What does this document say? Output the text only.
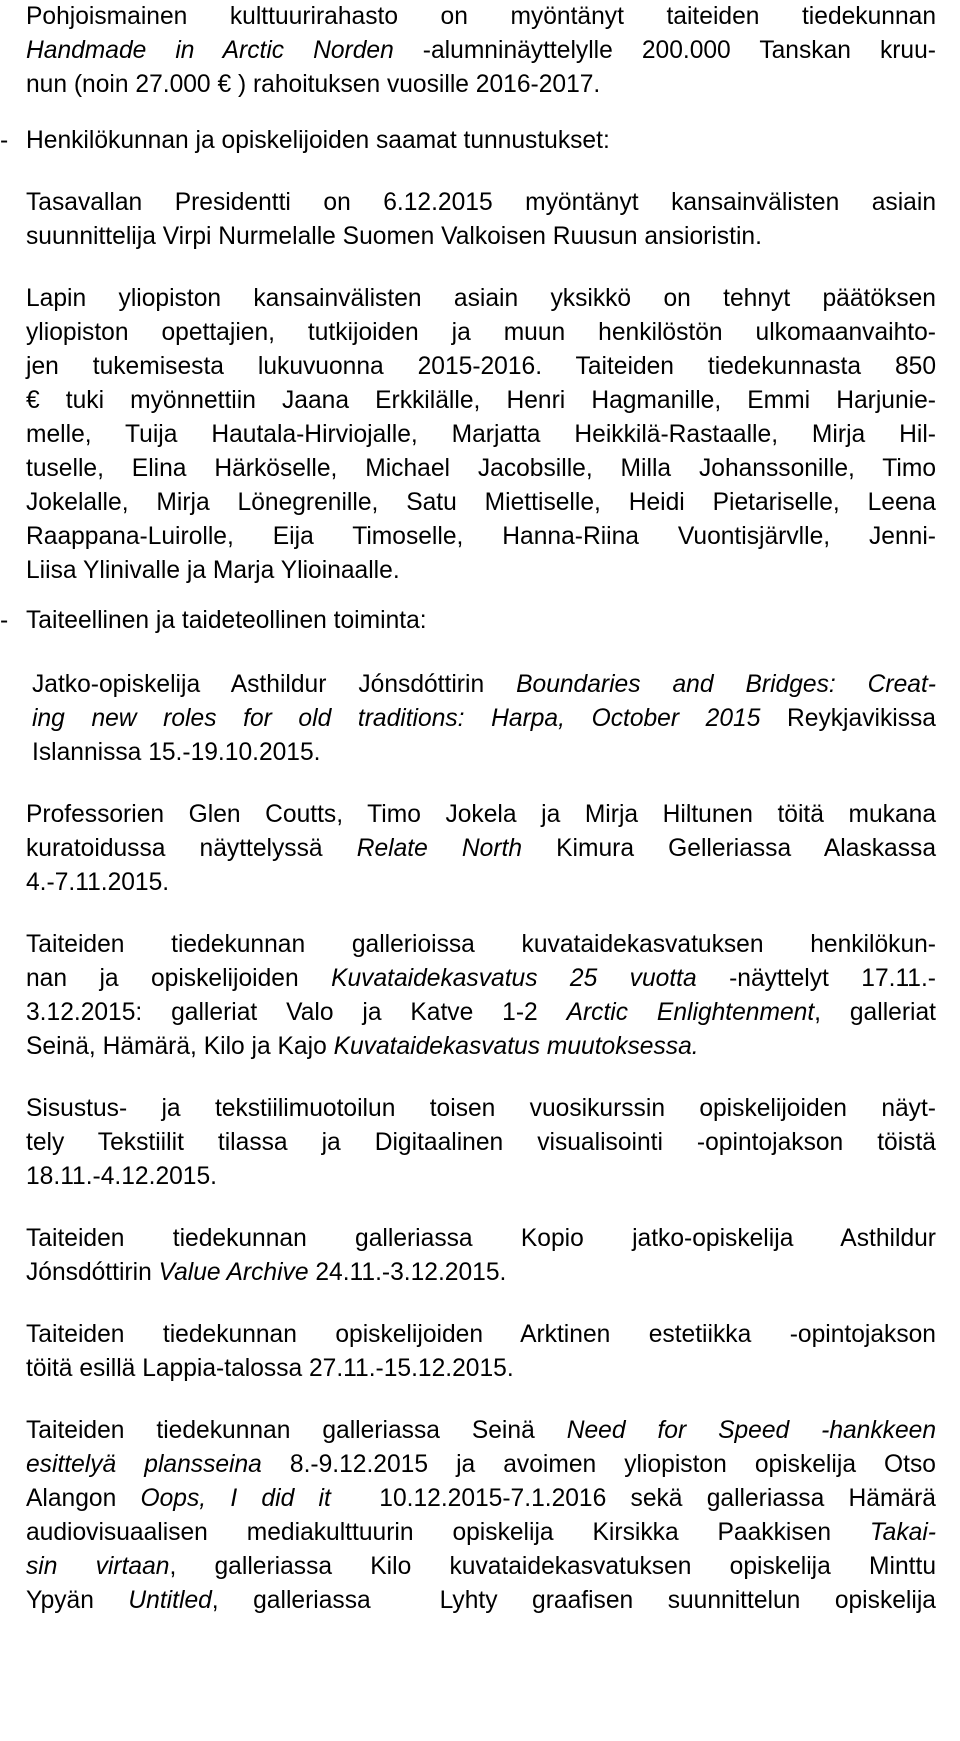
Pohjoismainen kulttuurirahasto on myöntänyt taiteiden tiedekunnan
Handmade in Arctic Norden -alumninäyttelylle 200.000 Tanskan kruu-
nun (noin 27.000 € ) rahoituksen vuosille 2016-2017.
- Henkilökunnan ja opiskelijoiden saamat tunnustukset:
Tasavallan Presidentti on 6.12.2015 myöntänyt kansainvälisten asiain
suunnittelija Virpi Nurmelalle Suomen Valkoisen Ruusun ansioristin.
Lapin yliopiston kansainvälisten asiain yksikkö on tehnyt päätöksen
yliopiston opettajien, tutkijoiden ja muun henkilöstön ulkomaanvaihto-
jen tukemisesta lukuvuonna 2015-2016. Taiteiden tiedekunnasta 850
€ tuki myönnettiin Jaana Erkkilälle, Henri Hagmanille, Emmi Harjunie-
melle, Tuija Hautala-Hirviojalle, Marjatta Heikkilä-Rastaalle, Mirja Hil-
tuselle, Elina Härköselle, Michael Jacobsille, Milla Johanssonille, Timo
Jokelalle, Mirja Lönegrenille, Satu Miettiselle, Heidi Pietariselle, Leena
Raappana-Luirolle, Eija Timoselle, Hanna-Riina Vuontisjärvlle, Jenni-
Liisa Ylinivalle ja Marja Ylioinaalle.
- Taiteellinen ja taideteollinen toiminta:
Jatko-opiskelija Asthildur Jónsdóttirin Boundaries and Bridges: Creat-
ing new roles for old traditions: Harpa, October 2015 Reykjavikissa
Islannissa 15.-19.10.2015.
Professorien Glen Coutts, Timo Jokela ja Mirja Hiltunen töitä mukana
kuratoidussa näyttelyssä Relate North Kimura Gelleriassa Alaskassa
4.-7.11.2015.
Taiteiden tiedekunnan gallerioissa kuvataidekasvatuksen henkilökun-
nan ja opiskelijoiden Kuvataidekasvatus 25 vuotta -näyttelyt 17.11.-
3.12.2015: galleriat Valo ja Katve 1-2 Arctic Enlightenment, galleriat
Seinä, Hämärä, Kilo ja Kajo Kuvataidekasvatus muutoksessa.
Sisustus- ja tekstiilimuotoilun toisen vuosikurssin opiskelijoiden näyt-
tely Tekstiilit tilassa ja Digitaalinen visualisointi -opintojakson töistä
18.11.-4.12.2015.
Taiteiden tiedekunnan galleriassa Kopio jatko-opiskelija Asthildur
Jónsdóttirin Value Archive 24.11.-3.12.2015.
Taiteiden tiedekunnan opiskelijoiden Arktinen estetiikka -opintojakson
töitä esillä Lappia-talossa 27.11.-15.12.2015.
Taiteiden tiedekunnan galleriassa Seinä Need for Speed -hankkeen
esittelyä plansseina 8.-9.12.2015 ja avoimen yliopiston opiskelija Otso
Alangon Oops, I did it  10.12.2015-7.1.2016 sekä galleriassa Hämärä
audiovisuaalisen mediakulttuurin opiskelija Kirsikka Paakkisen Takai-
sin virtaan, galleriassa Kilo kuvataidekasvatuksen opiskelija Minttu
Ypyän Untitled, galleriassa  Lyhty graafisen suunnittelun opiskelija
